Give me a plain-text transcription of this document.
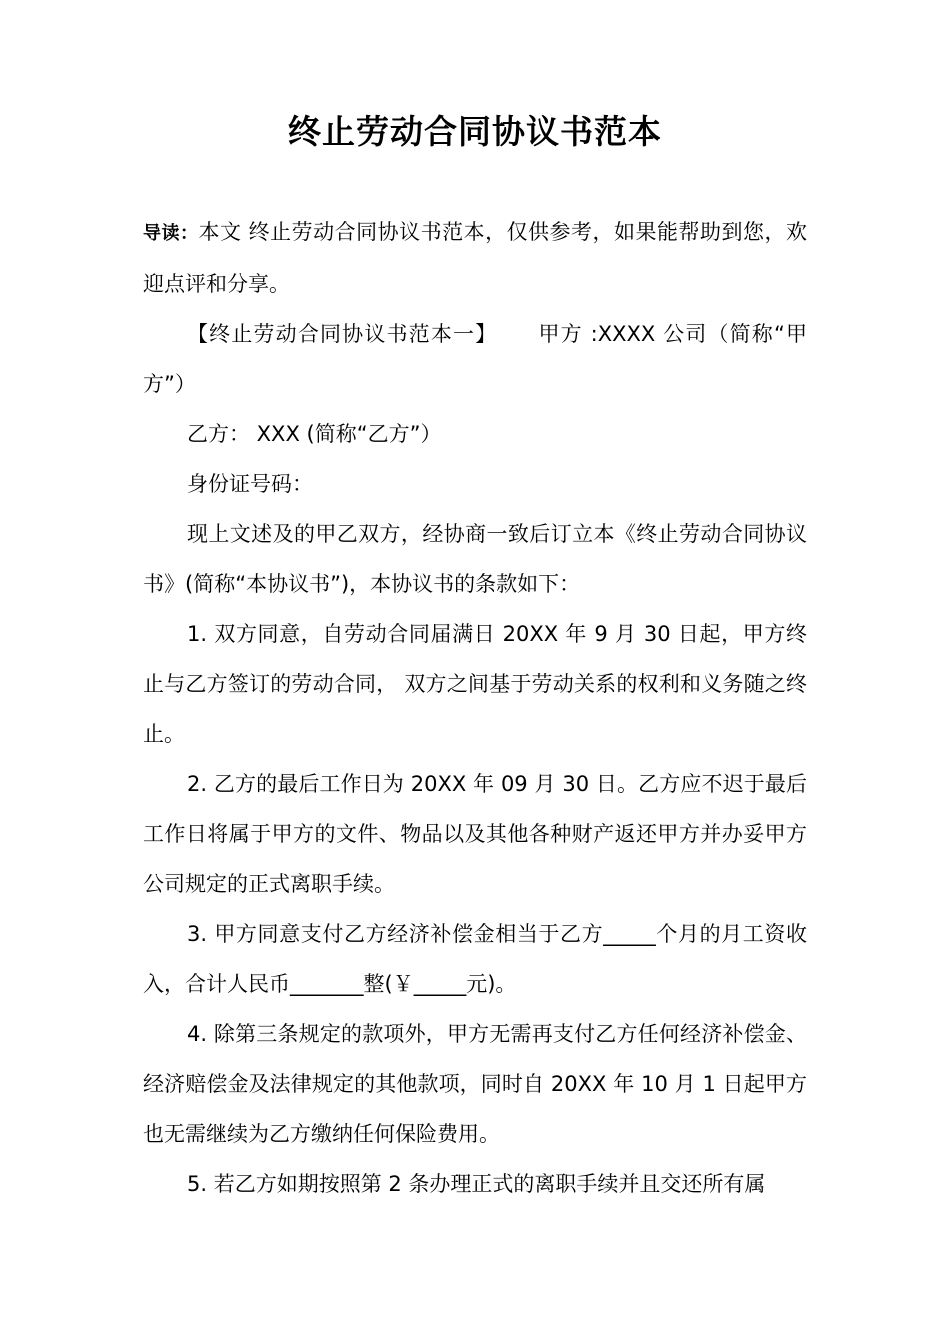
终止劳动合同协议书范本

导读：本文 终止劳动合同协议书范本，仅供参考，如果能帮助到您，欢迎点评和分享。

【终止劳动合同协议书范本一】 甲方 :XXXX 公司（简称“甲方”）

乙方： XXX (简称“乙方”）

身份证号码：

现上文述及的甲乙双方，经协商一致后订立本《终止劳动合同协议书》(简称“本协议书”)，本协议书的条款如下：

1. 双方同意，自劳动合同届满日 20XX 年 9 月 30 日起，甲方终止与乙方签订的劳动合同， 双方之间基于劳动关系的权利和义务随之终止。

2. 乙方的最后工作日为 20XX 年 09 月 30 日。乙方应不迟于最后工作日将属于甲方的文件、物品以及其他各种财产返还甲方并办妥甲方公司规定的正式离职手续。

3. 甲方同意支付乙方经济补偿金相当于乙方_____个月的月工资收入，合计人民币_______整(￥_____元)。

4. 除第三条规定的款项外，甲方无需再支付乙方任何经济补偿金、经济赔偿金及法律规定的其他款项，同时自 20XX 年 10 月 1 日起甲方也无需继续为乙方缴纳任何保险费用。

5. 若乙方如期按照第 2 条办理正式的离职手续并且交还所有属
